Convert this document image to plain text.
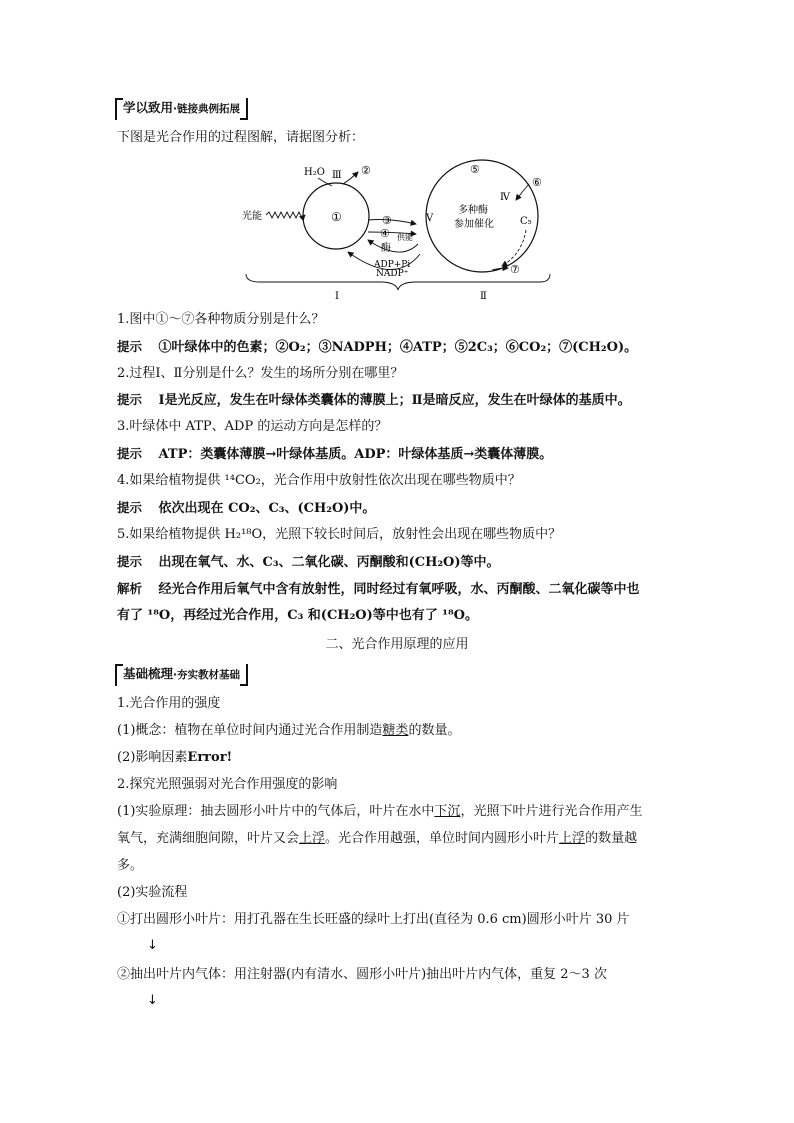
学以致用·链接典例拓展
下图是光合作用的过程图解，请据图分析：
①
光能
H₂O Ⅲ ②
③
④ 供能
酶
ADP+Pi
NADP⁺
V
⑤
Ⅳ
⑥
多种酶
参加催化	C₅
⑦
Ⅰ	Ⅱ
1.图中①～⑦各种物质分别是什么？
提示 ①叶绿体中的色素；②O₂；③NADPH；④ATP；⑤2C₃；⑥CO₂；⑦(CH₂O)。
2.过程Ⅰ、Ⅱ分别是什么？发生的场所分别在哪里？
提示 Ⅰ是光反应，发生在叶绿体类囊体的薄膜上；Ⅱ是暗反应，发生在叶绿体的基质中。
3.叶绿体中 ATP、ADP 的运动方向是怎样的？
提示 ATP：类囊体薄膜→叶绿体基质。ADP：叶绿体基质→类囊体薄膜。
4.如果给植物提供 ¹⁴CO₂，光合作用中放射性依次出现在哪些物质中？
提示 依次出现在 CO₂、C₃、(CH₂O)中。
5.如果给植物提供 H₂¹⁸O，光照下较长时间后，放射性会出现在哪些物质中？
提示 出现在氧气、水、C₃、二氧化碳、丙酮酸和(CH₂O)等中。
解析 经光合作用后氧气中含有放射性，同时经过有氧呼吸，水、丙酮酸、二氧化碳等中也
有了 ¹⁸O，再经过光合作用，C₃ 和(CH₂O)等中也有了 ¹⁸O。
二、光合作用原理的应用
基础梳理·夯实教材基础
1.光合作用的强度
(1)概念：植物在单位时间内通过光合作用制造糖类的数量。
(2)影响因素Error!
2.探究光照强弱对光合作用强度的影响
(1)实验原理：抽去圆形小叶片中的气体后，叶片在水中下沉，光照下叶片进行光合作用产生
氧气，充满细胞间隙，叶片又会上浮。光合作用越强，单位时间内圆形小叶片上浮的数量越
多。
(2)实验流程
①打出圆形小叶片：用打孔器在生长旺盛的绿叶上打出(直径为 0.6 cm)圆形小叶片 30 片
↓
②抽出叶片内气体：用注射器(内有清水、圆形小叶片)抽出叶片内气体，重复 2～3 次
↓
